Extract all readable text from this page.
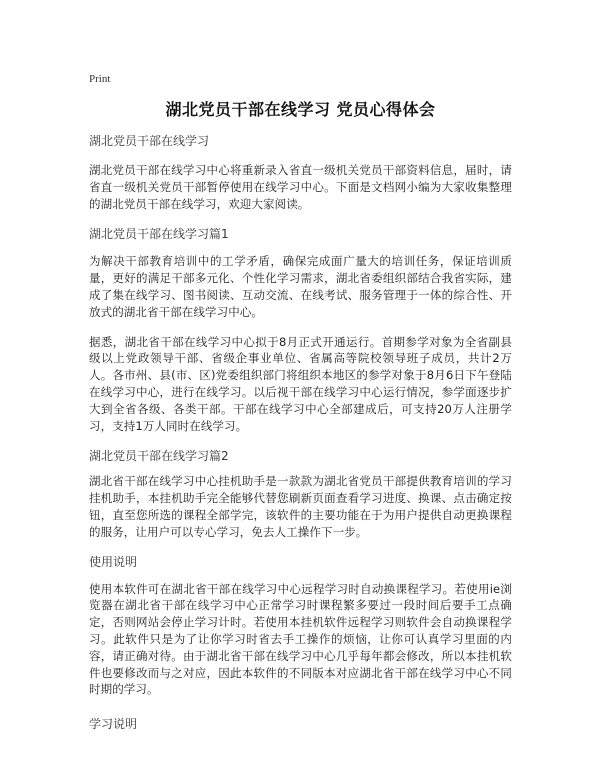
Print
湖北党员干部在线学习 党员心得体会

湖北党员干部在线学习

湖北党员干部在线学习中心将重新录入省直一级机关党员干部资料信息，届时，请省直一级机关党员干部暂停使用在线学习中心。下面是文档网小编为大家收集整理的湖北党员干部在线学习，欢迎大家阅读。

湖北党员干部在线学习篇1

为解决干部教育培训中的工学矛盾，确保完成面广量大的培训任务，保证培训质量，更好的满足干部多元化、个性化学习需求，湖北省委组织部结合我省实际，建成了集在线学习、图书阅读、互动交流、在线考试、服务管理于一体的综合性、开放式的湖北省干部在线学习中心。

据悉，湖北省干部在线学习中心拟于8月正式开通运行。首期参学对象为全省副县级以上党政领导干部、省级企事业单位、省属高等院校领导班子成员，共计2万人。各市州、县(市、区)党委组织部门将组织本地区的参学对象于8月6日下午登陆在线学习中心，进行在线学习。以后视干部在线学习中心运行情况，参学面逐步扩大到全省各级、各类干部。干部在线学习中心全部建成后，可支持20万人注册学习，支持1万人同时在线学习。

湖北党员干部在线学习篇2

湖北省干部在线学习中心挂机助手是一款款为湖北省党员干部提供教育培训的学习挂机助手，本挂机助手完全能够代替您刷新页面查看学习进度、换课、点击确定按钮，直至您所选的课程全部学完，该软件的主要功能在于为用户提供自动更换课程的服务，让用户可以专心学习，免去人工操作下一步。

使用说明

使用本软件可在湖北省干部在线学习中心远程学习时自动换课程学习。若使用ie浏览器在湖北省干部在线学习中心正常学习时课程繁多要过一段时间后要手工点确定，否则网站会停止学习计时。若使用本挂机软件远程学习则软件会自动换课程学习。此软件只是为了让你学习时省去手工操作的烦恼，让你可认真学习里面的内容，请正确对待。由于湖北省干部在线学习中心几乎每年都会修改，所以本挂机软件也要修改而与之对应，因此本软件的不同版本对应湖北省干部在线学习中心不同时期的学习。

学习说明
